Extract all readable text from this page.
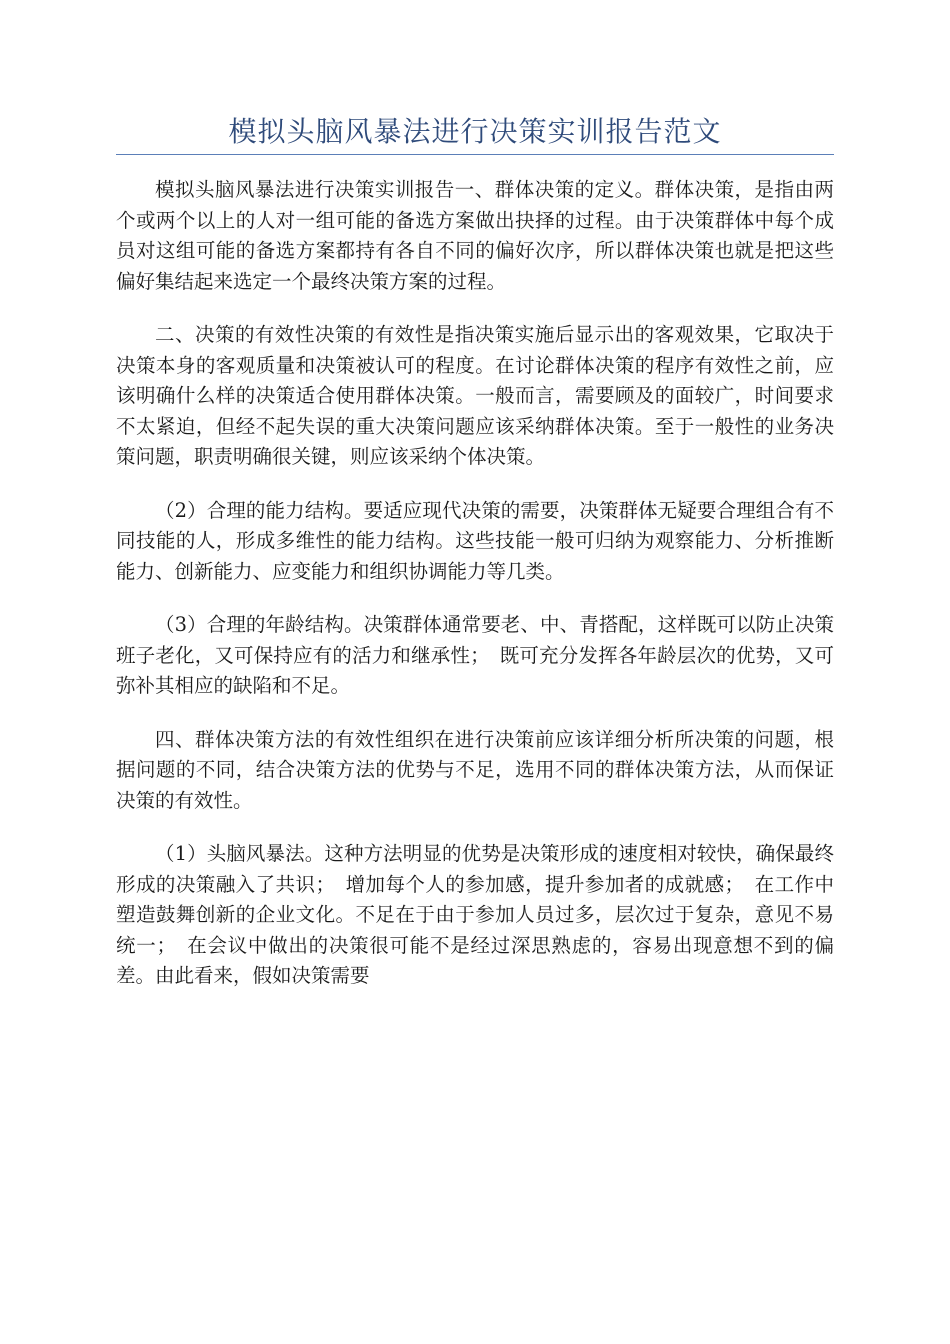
模拟头脑风暴法进行决策实训报告范文

模拟头脑风暴法进行决策实训报告一、群体决策的定义。群体决策，是指由两个或两个以上的人对一组可能的备选方案做出抉择的过程。由于决策群体中每个成员对这组可能的备选方案都持有各自不同的偏好次序，所以群体决策也就是把这些偏好集结起来选定一个最终决策方案的过程。

二、决策的有效性决策的有效性是指决策实施后显示出的客观效果，它取决于决策本身的客观质量和决策被认可的程度。在讨论群体决策的程序有效性之前，应该明确什么样的决策适合使用群体决策。一般而言，需要顾及的面较广，时间要求不太紧迫，但经不起失误的重大决策问题应该采纳群体决策。至于一般性的业务决策问题，职责明确很关键，则应该采纳个体决策。

（2）合理的能力结构。要适应现代决策的需要，决策群体无疑要合理组合有不同技能的人，形成多维性的能力结构。这些技能一般可归纳为观察能力、分析推断能力、创新能力、应变能力和组织协调能力等几类。

（3）合理的年龄结构。决策群体通常要老、中、青搭配，这样既可以防止决策班子老化，又可保持应有的活力和继承性；　既可充分发挥各年龄层次的优势，又可弥补其相应的缺陷和不足。

四、群体决策方法的有效性组织在进行决策前应该详细分析所决策的问题，根据问题的不同，结合决策方法的优势与不足，选用不同的群体决策方法，从而保证决策的有效性。

（1）头脑风暴法。这种方法明显的优势是决策形成的速度相对较快，确保最终形成的决策融入了共识；　增加每个人的参加感，提升参加者的成就感；　在工作中塑造鼓舞创新的企业文化。不足在于由于参加人员过多，层次过于复杂，意见不易统一；　在会议中做出的决策很可能不是经过深思熟虑的，容易出现意想不到的偏差。由此看来，假如决策需要
